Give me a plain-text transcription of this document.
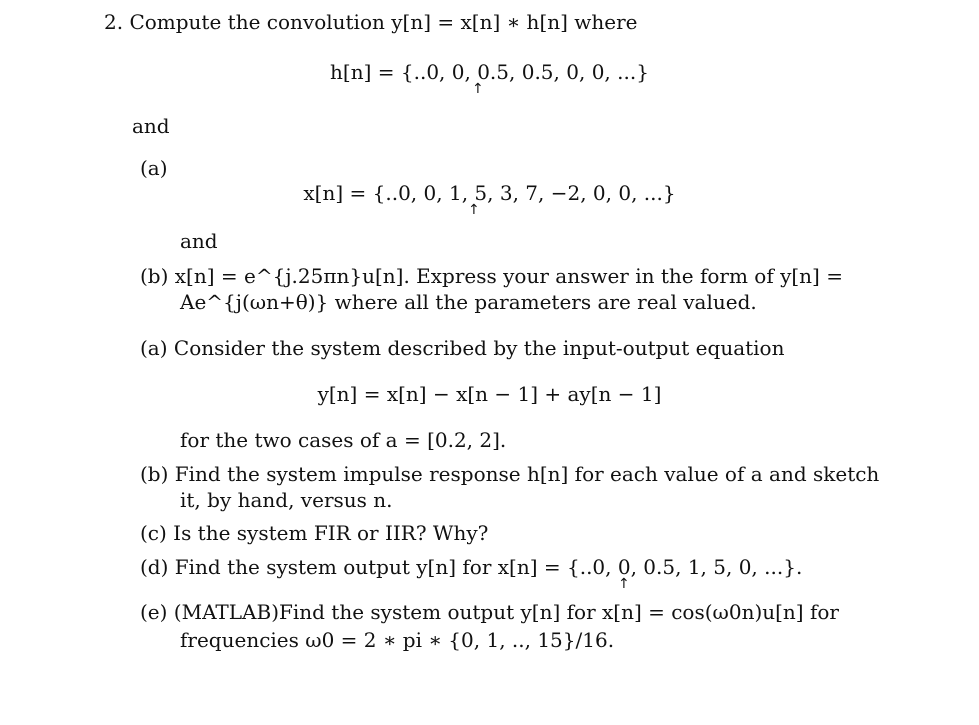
2. Compute the convolution y[n] = x[n] ∗ h[n] where
h[n] = {..0, 0, 0.5, 0.5, 0, 0, ...}
↑
and
(a)
x[n] = {..0, 0, 1, 5, 3, 7, −2, 0, 0, ...}
↑
and
(b) x[n] = e^{j.25πn}u[n]. Express your answer in the form of y[n] =
Ae^{j(ωn+θ)} where all the parameters are real valued.
(a) Consider the system described by the input-output equation
y[n] = x[n] − x[n − 1] + ay[n − 1]
for the two cases of a = [0.2, 2].
(b) Find the system impulse response h[n] for each value of a and sketch
it, by hand, versus n.
(c) Is the system FIR or IIR? Why?
(d) Find the system output y[n] for x[n] = {..0, 0, 0.5, 1, 5, 0, ...}.
↑
(e) (MATLAB)Find the system output y[n] for x[n] = cos(ω0n)u[n] for
frequencies ω0 = 2 ∗ pi ∗ {0, 1, .., 15}/16.
